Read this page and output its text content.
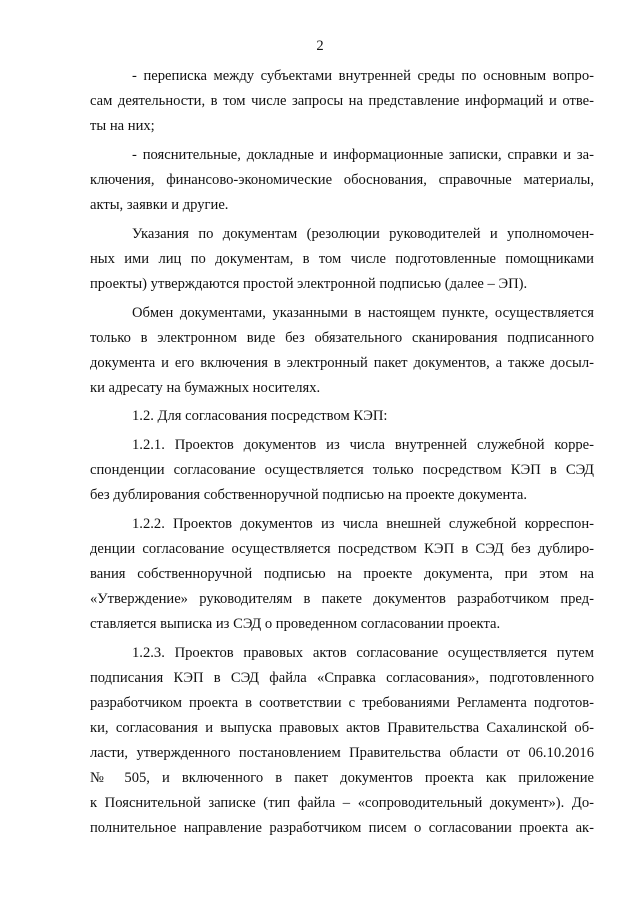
2

- переписка между субъектами внутренней среды по основным вопро-
сам деятельности, в том числе запросы на представление информаций и отве-
ты на них;
- пояснительные, докладные и информационные записки, справки и за-
ключения, финансово-экономические обоснования, справочные материалы,
акты, заявки и другие.
Указания по документам (резолюции руководителей и уполномочен-
ных ими лиц по документам, в том числе подготовленные помощниками
проекты) утверждаются простой электронной подписью (далее – ЭП).
Обмен документами, указанными в настоящем пункте, осуществляется
только в электронном виде без обязательного сканирования подписанного
документа и его включения в электронный пакет документов, а также досыл-
ки адресату на бумажных носителях.
1.2. Для согласования посредством КЭП:
1.2.1. Проектов документов из числа внутренней служебной корре-
спонденции согласование осуществляется только посредством КЭП в СЭД
без дублирования собственноручной подписью на проекте документа.
1.2.2. Проектов документов из числа внешней служебной корреспон-
денции согласование осуществляется посредством КЭП в СЭД без дублиро-
вания собственноручной подписью на проекте документа, при этом на
«Утверждение» руководителям в пакете документов разработчиком пред-
ставляется выписка из СЭД о проведенном согласовании проекта.
1.2.3. Проектов правовых актов согласование осуществляется путем
подписания КЭП в СЭД файла «Справка согласования», подготовленного
разработчиком проекта в соответствии с требованиями Регламента подготов-
ки, согласования и выпуска правовых актов Правительства Сахалинской об-
ласти, утвержденного постановлением Правительства области от 06.10.2016
№ 505, и включенного в пакет документов проекта как приложение
к Пояснительной записке (тип файла – «сопроводительный документ»). До-
полнительное направление разработчиком писем о согласовании проекта ак-
